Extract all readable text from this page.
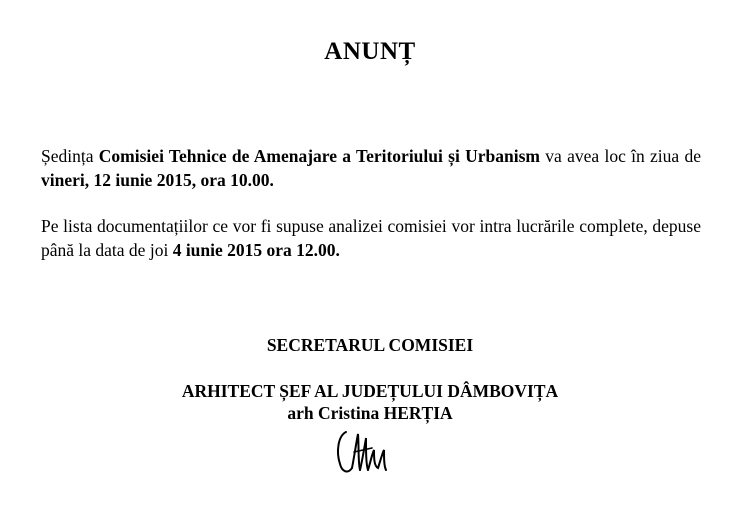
ANUNȚ
Ședința Comisiei Tehnice de Amenajare a Teritoriului și Urbanism va avea loc în ziua de vineri, 12 iunie 2015, ora 10.00.
Pe lista documentațiilor ce vor fi supuse analizei comisiei vor intra lucrările complete, depuse până la data de joi 4 iunie 2015 ora 12.00.
SECRETARUL COMISIEI
ARHITECT ȘEF AL JUDEȚULUI DÂMBOVIȚA
arh Cristina HERȚIA
